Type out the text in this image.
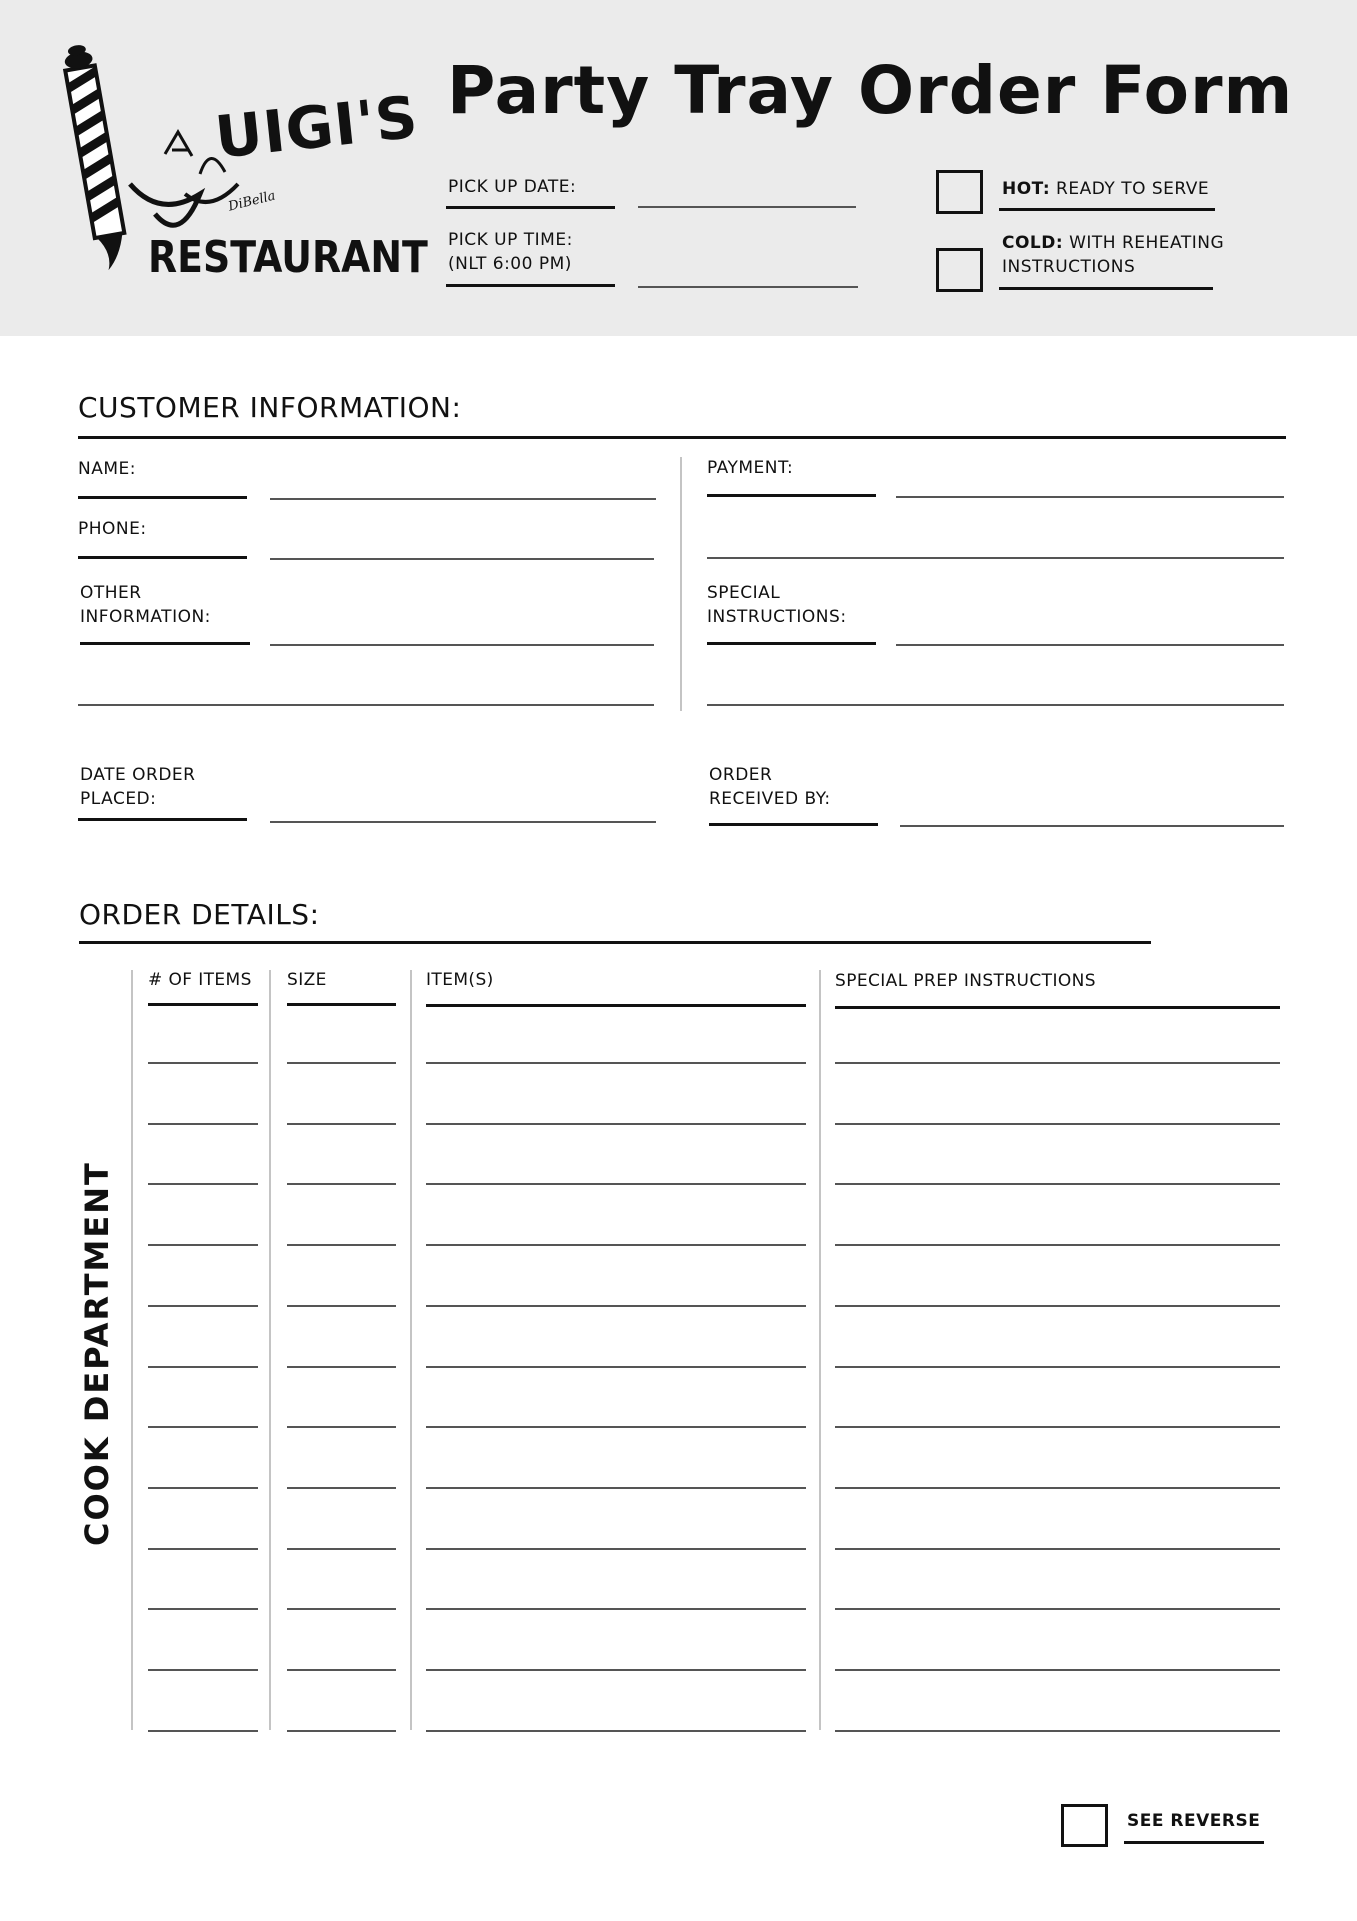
UIGI'S
DiBella
RESTAURANT
Party Tray Order Form
PICK UP DATE:
PICK UP TIME:
(NLT 6:00 PM)
HOT: READY TO SERVE
COLD: WITH REHEATING
INSTRUCTIONS
CUSTOMER INFORMATION:
NAME:
PHONE:
OTHER
INFORMATION:
PAYMENT:
SPECIAL
INSTRUCTIONS:
DATE ORDER
PLACED:
ORDER
RECEIVED BY:
ORDER DETAILS:
COOK DEPARTMENT
# OF ITEMS SIZE	ITEM(S)	SPECIAL PREP INSTRUCTIONS
SEE REVERSE
